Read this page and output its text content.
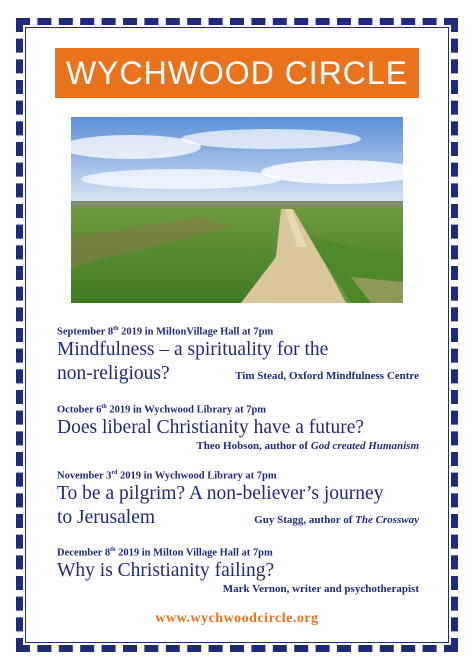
WYCHWOOD CIRCLE
September 8th 2019 in MiltonVillage Hall at 7pm
Mindfulness – a spirituality for the
non-religious?	Tim Stead, Oxford Mindfulness Centre
October 6th 2019 in Wychwood Library at 7pm
Does liberal Christianity have a future?
Theo Hobson, author of God created Humanism
November 3rd 2019 in Wychwood Library at 7pm
To be a pilgrim? A non-believer’s journey
to Jerusalem	Guy Stagg, author of The Crossway
December 8th 2019 in Milton Village Hall at 7pm
Why is Christianity failing?
Mark Vernon, writer and psychotherapist
www.wychwoodcircle.org
